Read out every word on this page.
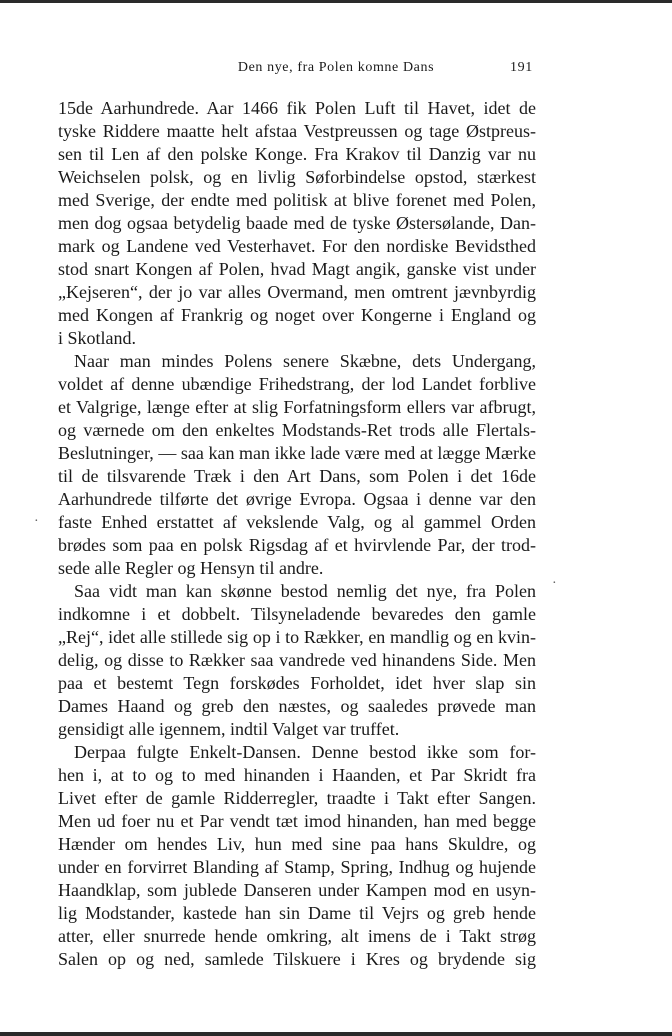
Den nye, fra Polen komne Dans	191
15de Aarhundrede. Aar 1466 fik Polen Luft til Havet, idet de
tyske Riddere maatte helt afstaa Vestpreussen og tage Østpreus-
sen til Len af den polske Konge. Fra Krakov til Danzig var nu
Weichselen polsk, og en livlig Søforbindelse opstod, stærkest
med Sverige, der endte med politisk at blive forenet med Polen,
men dog ogsaa betydelig baade med de tyske Østersølande, Dan-
mark og Landene ved Vesterhavet. For den nordiske Bevidsthed
stod snart Kongen af Polen, hvad Magt angik, ganske vist under
„Kejseren“, der jo var alles Overmand, men omtrent jævnbyrdig
med Kongen af Frankrig og noget over Kongerne i England og
i Skotland.
Naar man mindes Polens senere Skæbne, dets Undergang,
voldet af denne ubændige Frihedstrang, der lod Landet forblive
et Valgrige, længe efter at slig Forfatningsform ellers var afbrugt,
og værnede om den enkeltes Modstands-Ret trods alle Flertals-
Beslutninger, — saa kan man ikke lade være med at lægge Mærke
til de tilsvarende Træk i den Art Dans, som Polen i det 16de
Aarhundrede tilførte det øvrige Evropa. Ogsaa i denne var den
faste Enhed erstattet af vekslende Valg, og al gammel Orden
brødes som paa en polsk Rigsdag af et hvirvlende Par, der trod-
sede alle Regler og Hensyn til andre.
Saa vidt man kan skønne bestod nemlig det nye, fra Polen
indkomne i et dobbelt. Tilsyneladende bevaredes den gamle
„Rej“, idet alle stillede sig op i to Rækker, en mandlig og en kvin-
delig, og disse to Rækker saa vandrede ved hinandens Side. Men
paa et bestemt Tegn forskødes Forholdet, idet hver slap sin
Dames Haand og greb den næstes, og saaledes prøvede man
gensidigt alle igennem, indtil Valget var truffet.
Derpaa fulgte Enkelt-Dansen. Denne bestod ikke som for-
hen i, at to og to med hinanden i Haanden, et Par Skridt fra
Livet efter de gamle Ridderregler, traadte i Takt efter Sangen.
Men ud foer nu et Par vendt tæt imod hinanden, han med begge
Hænder om hendes Liv, hun med sine paa hans Skuldre, og
under en forvirret Blanding af Stamp, Spring, Indhug og hujende
Haandklap, som jublede Danseren under Kampen mod en usyn-
lig Modstander, kastede han sin Dame til Vejrs og greb hende
atter, eller snurrede hende omkring, alt imens de i Takt strøg
Salen op og ned, samlede Tilskuere i Kres og brydende sig
·
·
